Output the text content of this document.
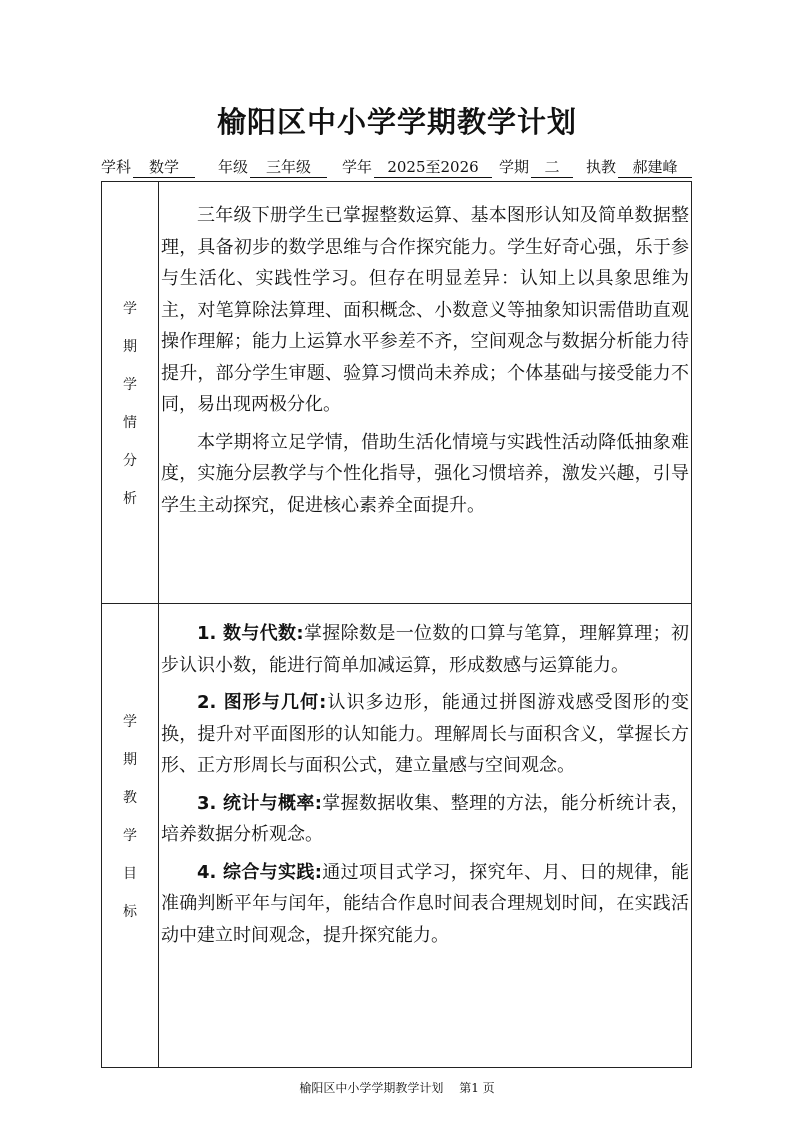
榆阳区中小学学期教学计划
学科	数学	年级	三年级	学年	2025至2026	学期	二	执教	郝建峰
学
期
学
情
分
析

三年级下册学生已掌握整数运算、基本图形认知及简单数据整理，具备初步的数学思维与合作探究能力。学生好奇心强，乐于参与生活化、实践性学习。但存在明显差异：认知上以具象思维为主，对笔算除法算理、面积概念、小数意义等抽象知识需借助直观操作理解；能力上运算水平参差不齐，空间观念与数据分析能力待提升，部分学生审题、验算习惯尚未养成；个体基础与接受能力不同，易出现两极分化。

本学期将立足学情，借助生活化情境与实践性活动降低抽象难度，实施分层教学与个性化指导，强化习惯培养，激发兴趣，引导学生主动探究，促进核心素养全面提升。

学
期
教
学
目
标

1. 数与代数:掌握除数是一位数的口算与笔算，理解算理；初步认识小数，能进行简单加减运算，形成数感与运算能力。

2. 图形与几何:认识多边形，能通过拼图游戏感受图形的变换，提升对平面图形的认知能力。理解周长与面积含义，掌握长方形、正方形周长与面积公式，建立量感与空间观念。

3. 统计与概率:掌握数据收集、整理的方法，能分析统计表，培养数据分析观念。

4. 综合与实践:通过项目式学习，探究年、月、日的规律，能准确判断平年与闰年，能结合作息时间表合理规划时间，在实践活动中建立时间观念，提升探究能力。

榆阳区中小学学期教学计划 第1 页
